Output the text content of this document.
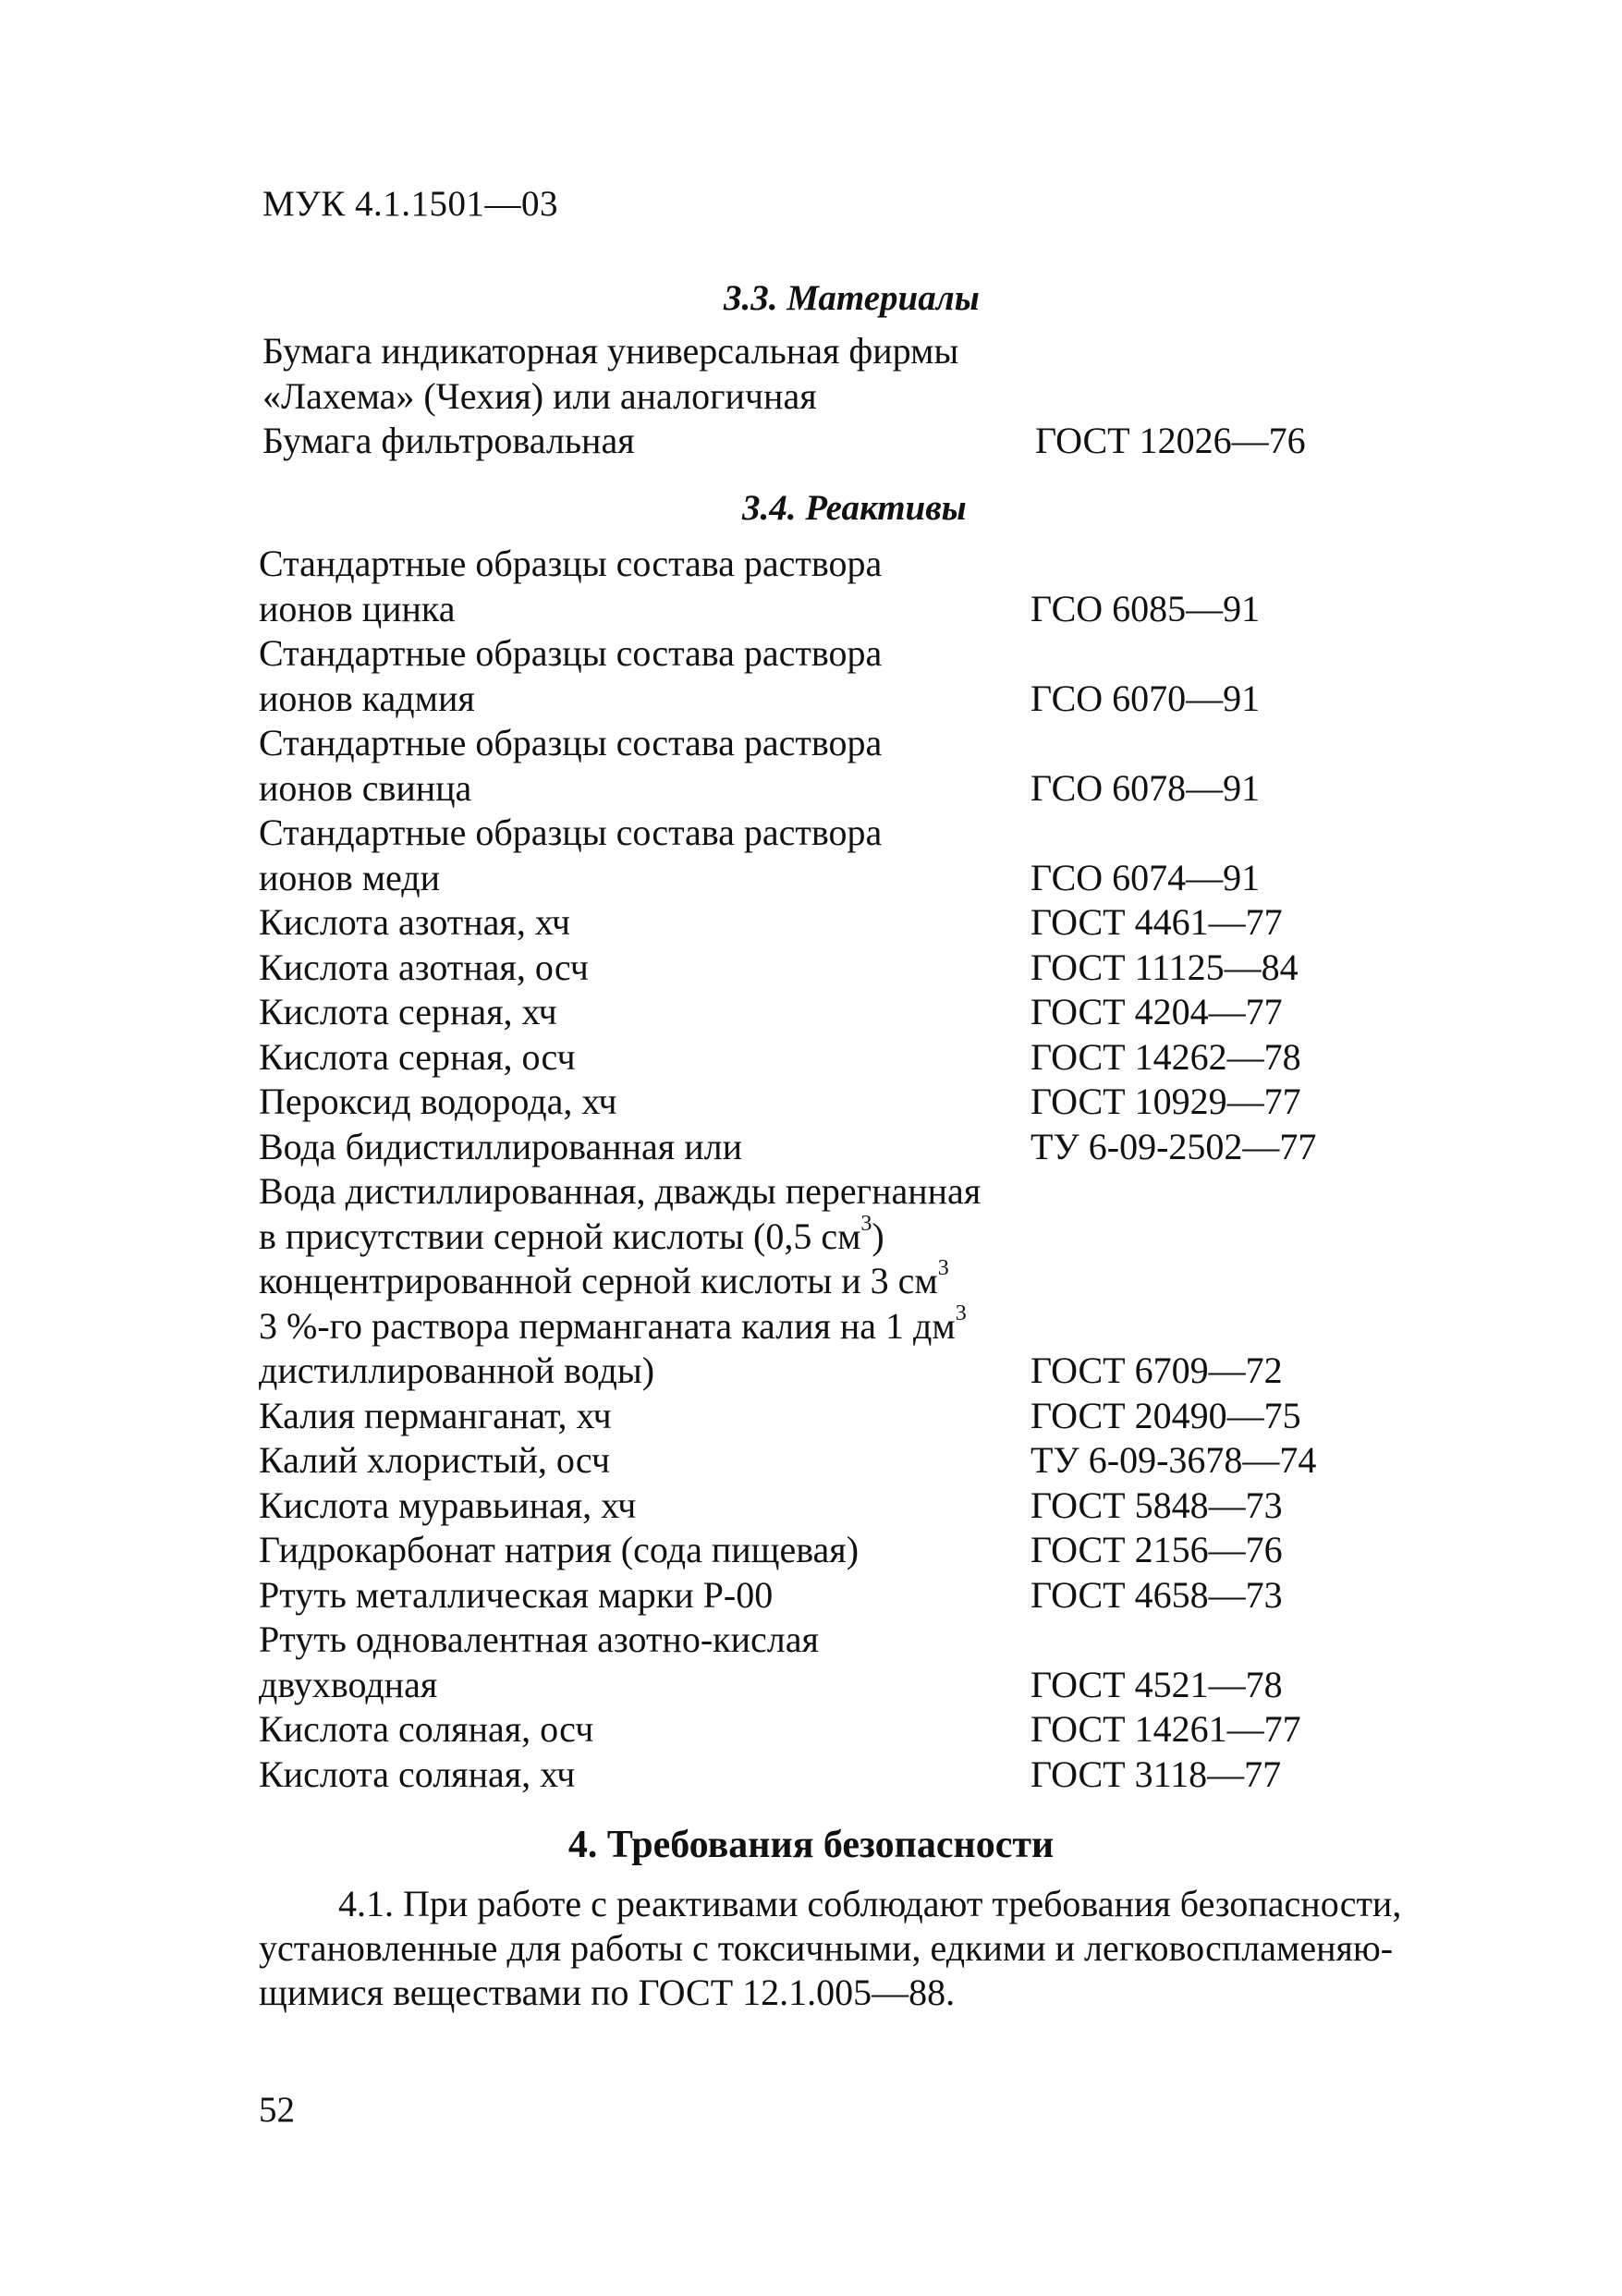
МУК 4.1.1501—03
3.3. Материалы
Бумага индикаторная универсальная фирмы
«Лахема» (Чехия) или аналогичная
Бумага фильтровальная	ГОСТ 12026—76
3.4. Реактивы
Стандартные образцы состава раствора
ионов цинка	ГСО 6085—91
Стандартные образцы состава раствора
ионов кадмия	ГСО 6070—91
Стандартные образцы состава раствора
ионов свинца	ГСО 6078—91
Стандартные образцы состава раствора
ионов меди	ГСО 6074—91
Кислота азотная, хч	ГОСТ 4461—77
Кислота азотная, осч	ГОСТ 11125—84
Кислота серная, хч	ГОСТ 4204—77
Кислота серная, осч	ГОСТ 14262—78
Пероксид водорода, хч	ГОСТ 10929—77
Вода бидистиллированная или	ТУ 6-09-2502—77
Вода дистиллированная, дважды перегнанная
в присутствии серной кислоты (0,5 $см^3$)
концентрированной серной кислоты и 3 $см^3$
3 %-го раствора перманганата калия на 1 $дм^3$
дистиллированной воды)	ГОСТ 6709—72
Калия перманганат, хч	ГОСТ 20490—75
Калий хлористый, осч	ТУ 6-09-3678—74
Кислота муравьиная, хч	ГОСТ 5848—73
Гидрокарбонат натрия (сода пищевая)	ГОСТ 2156—76
Ртуть металлическая марки Р-00	ГОСТ 4658—73
Ртуть одновалентная азотно-кислая
двухводная	ГОСТ 4521—78
Кислота соляная, осч	ГОСТ 14261—77
Кислота соляная, хч	ГОСТ 3118—77
4. Требования безопасности
4.1. При работе с реактивами соблюдают требования безопасности,
установленные для работы с токсичными, едкими и легковоспламеняю-
щимися веществами по ГОСТ 12.1.005—88.
52
